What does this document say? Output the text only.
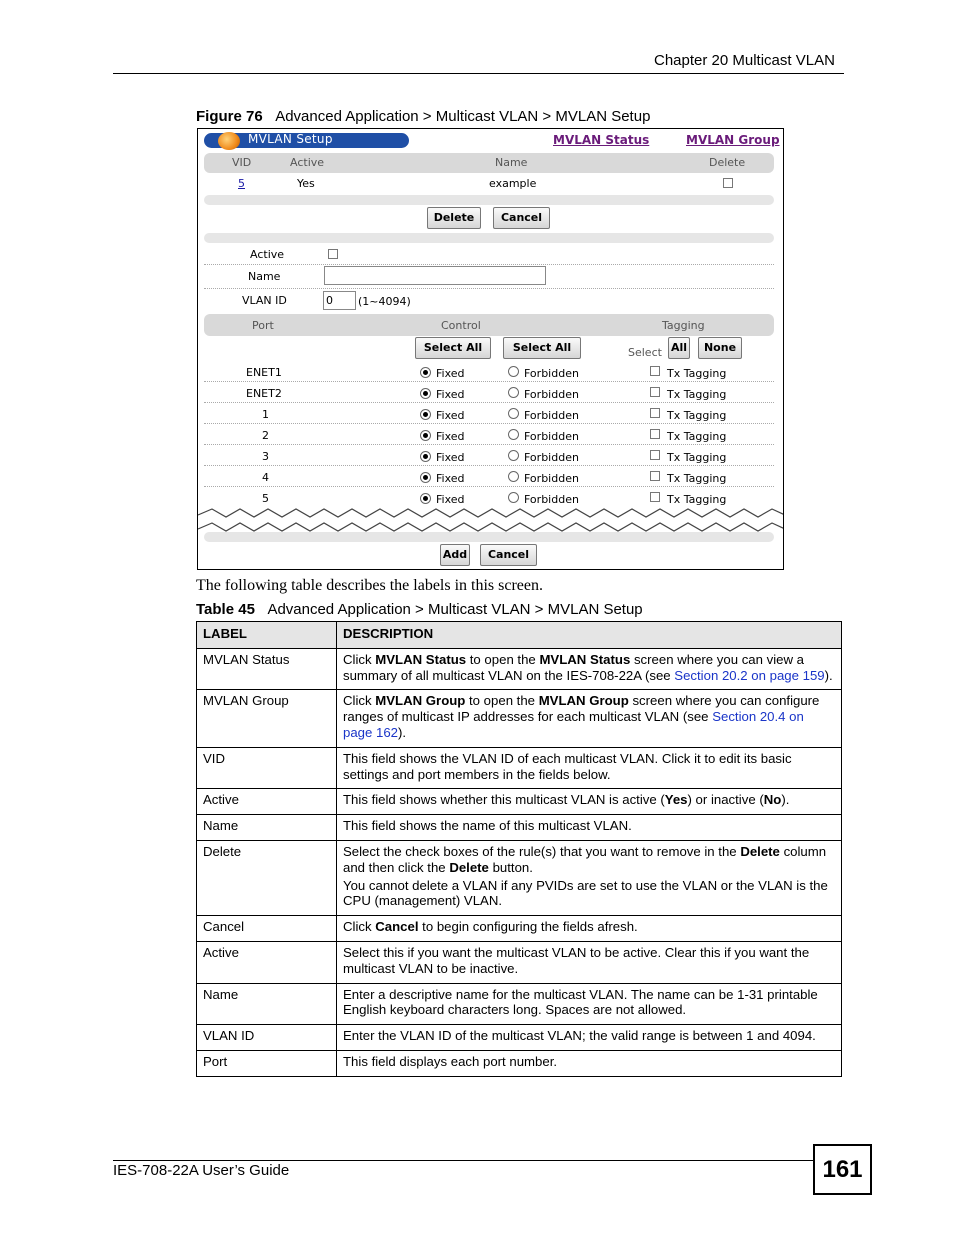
Chapter 20 Multicast VLAN
Figure 76 Advanced Application > Multicast VLAN > MVLAN Setup
MVLAN Setup	MVLAN Status	MVLAN Group
VID	Active	Name	Delete
5	Yes	example
Delete	Cancel
Active
Name
VLAN ID	0	(1~4094)
Port	Control	Tagging
Select All	Select All	Select All	None
ENET1	Fixed	Forbidden	Tx Tagging
ENET2	Fixed	Forbidden	Tx Tagging
1	Fixed	Forbidden	Tx Tagging
2	Fixed	Forbidden	Tx Tagging
3	Fixed	Forbidden	Tx Tagging
4	Fixed	Forbidden	Tx Tagging
5	Fixed	Forbidden	Tx Tagging
Add	Cancel
The following table describes the labels in this screen.
Table 45 Advanced Application > Multicast VLAN > MVLAN Setup
LABEL	DESCRIPTION
MVLAN Status	Click MVLAN Status to open the MVLAN Status screen where you can view a summary of all multicast VLAN on the IES-708-22A (see Section 20.2 on page 159).
MVLAN Group	Click MVLAN Group to open the MVLAN Group screen where you can configure ranges of multicast IP addresses for each multicast VLAN (see Section 20.4 on page 162).
VID	This field shows the VLAN ID of each multicast VLAN. Click it to edit its basic settings and port members in the fields below.
Active	This field shows whether this multicast VLAN is active (Yes) or inactive (No).
Name	This field shows the name of this multicast VLAN.
Delete	Select the check boxes of the rule(s) that you want to remove in the Delete column and then click the Delete button.
You cannot delete a VLAN if any PVIDs are set to use the VLAN or the VLAN is the CPU (management) VLAN.

Cancel	Click Cancel to begin configuring the fields afresh.
Active	Select this if you want the multicast VLAN to be active. Clear this if you want the multicast VLAN to be inactive.
Name	Enter a descriptive name for the multicast VLAN. The name can be 1-31 printable English keyboard characters long. Spaces are not allowed.
VLAN ID	Enter the VLAN ID of the multicast VLAN; the valid range is between 1 and 4094.
Port	This field displays each port number.
IES-708-22A User’s Guide	161
